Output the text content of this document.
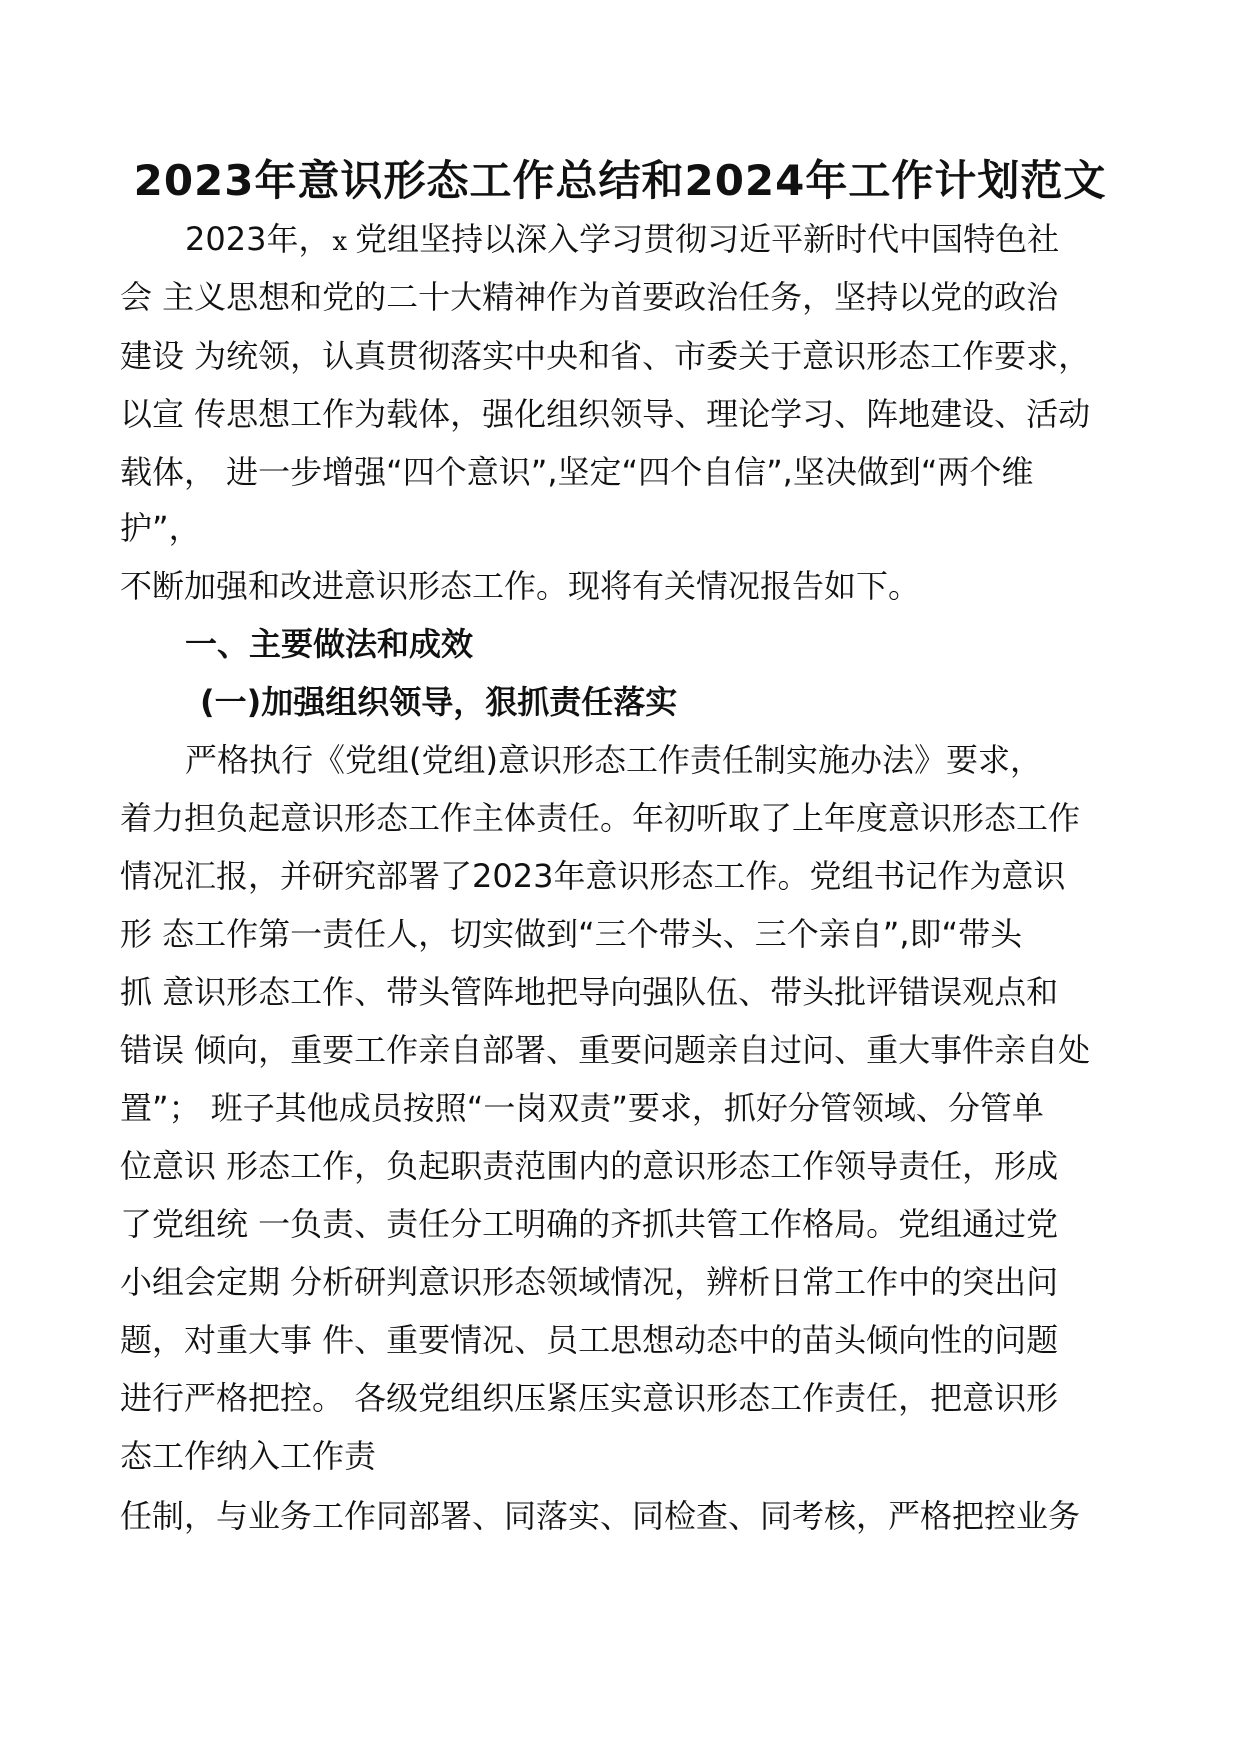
2023年意识形态工作总结和2024年工作计划范文
2023年，x 党组坚持以深入学习贯彻习近平新时代中国特色社
会 主义思想和党的二十大精神作为首要政治任务，坚持以党的政治
建设 为统领，认真贯彻落实中央和省、市委关于意识形态工作要求，
以宣 传思想工作为载体，强化组织领导、理论学习、阵地建设、活动
载体， 进一步增强“四个意识”,坚定“四个自信”,坚决做到“两个维
护”，
不断加强和改进意识形态工作。现将有关情况报告如下。
一、主要做法和成效
(一)加强组织领导，狠抓责任落实
严格执行《党组(党组)意识形态工作责任制实施办法》要求，
着力担负起意识形态工作主体责任。年初听取了上年度意识形态工作
情况汇报，并研究部署了2023年意识形态工作。党组书记作为意识
形 态工作第一责任人，切实做到“三个带头、三个亲自”,即“带头
抓 意识形态工作、带头管阵地把导向强队伍、带头批评错误观点和
错误 倾向，重要工作亲自部署、重要问题亲自过问、重大事件亲自处
置”； 班子其他成员按照“一岗双责”要求，抓好分管领域、分管单
位意识 形态工作，负起职责范围内的意识形态工作领导责任，形成
了党组统 一负责、责任分工明确的齐抓共管工作格局。党组通过党
小组会定期 分析研判意识形态领域情况，辨析日常工作中的突出问
题，对重大事 件、重要情况、员工思想动态中的苗头倾向性的问题
进行严格把控。 各级党组织压紧压实意识形态工作责任，把意识形
态工作纳入工作责
任制，与业务工作同部署、同落实、同检查、同考核，严格把控业务
